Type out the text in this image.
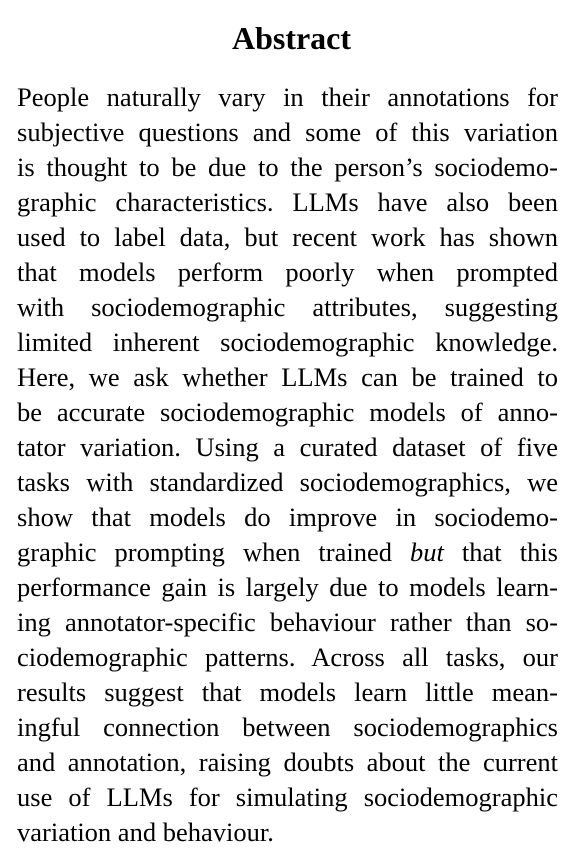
Abstract
People naturally vary in their annotations for
subjective questions and some of this variation
is thought to be due to the person’s sociodemo-
graphic characteristics. LLMs have also been
used to label data, but recent work has shown
that models perform poorly when prompted
with sociodemographic attributes, suggesting
limited inherent sociodemographic knowledge.
Here, we ask whether LLMs can be trained to
be accurate sociodemographic models of anno-
tator variation. Using a curated dataset of five
tasks with standardized sociodemographics, we
show that models do improve in sociodemo-
graphic prompting when trained but that this
performance gain is largely due to models learn-
ing annotator-specific behaviour rather than so-
ciodemographic patterns. Across all tasks, our
results suggest that models learn little mean-
ingful connection between sociodemographics
and annotation, raising doubts about the current
use of LLMs for simulating sociodemographic
variation and behaviour.
